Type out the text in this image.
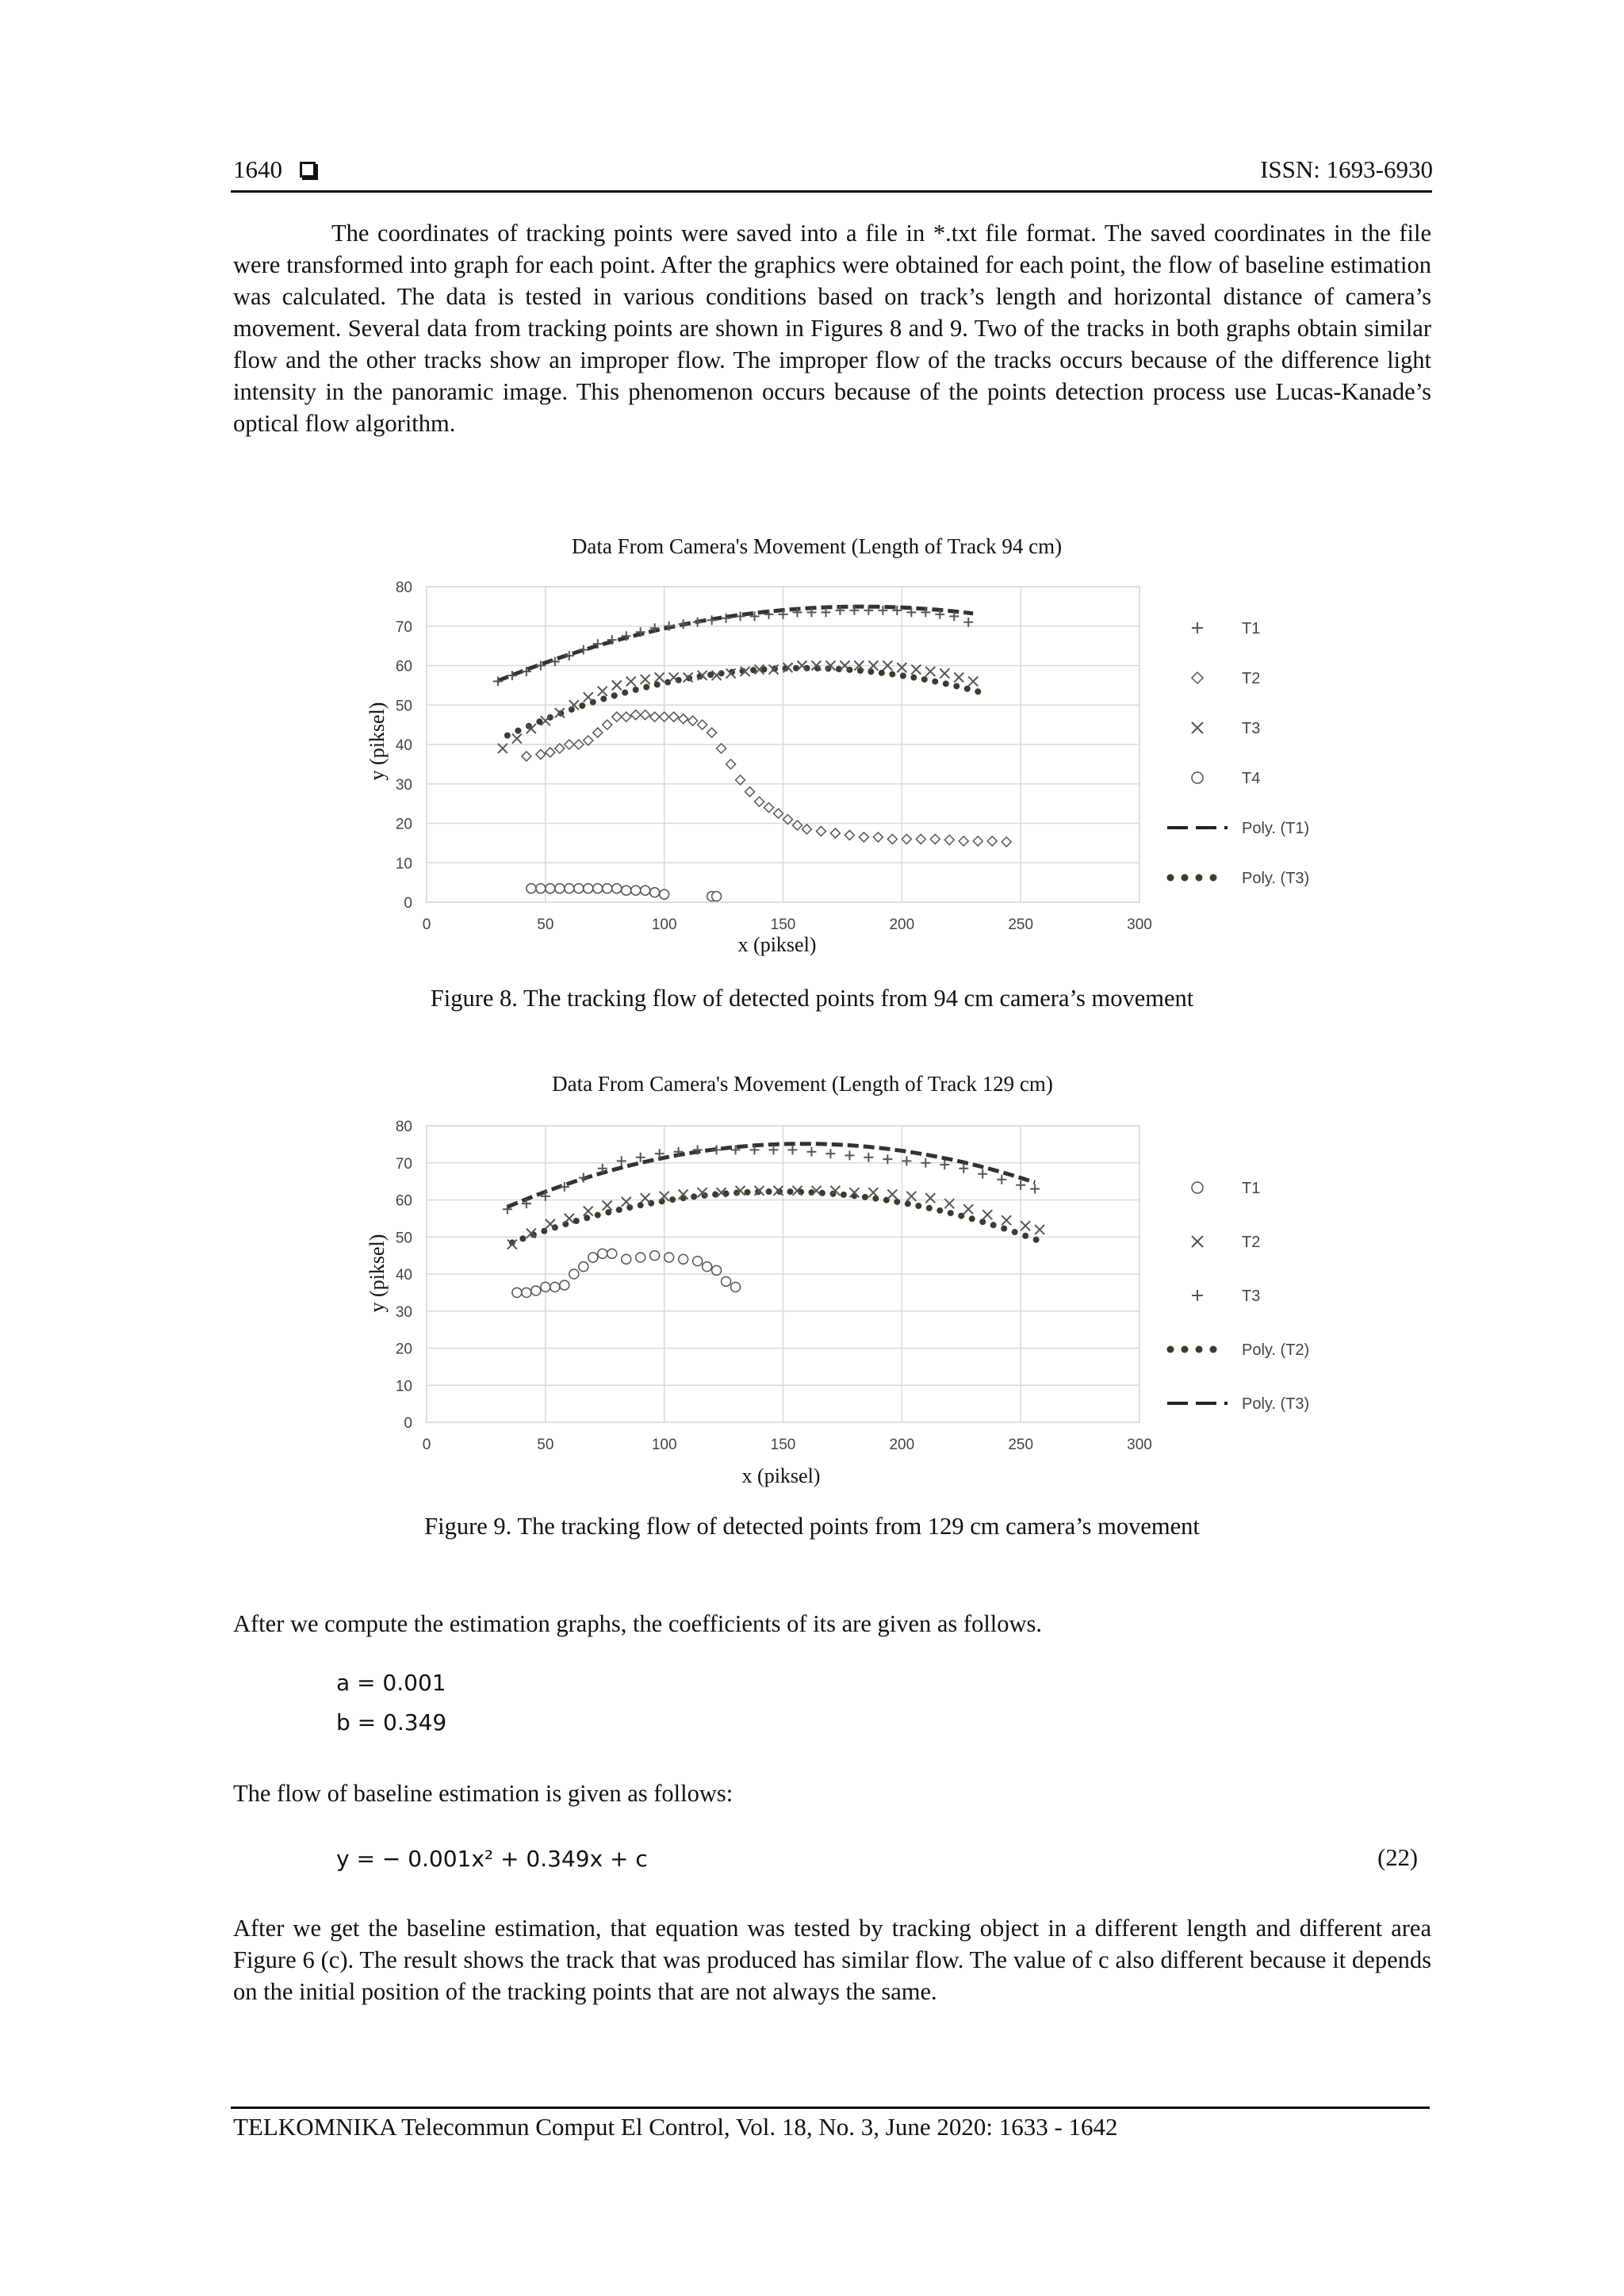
1640	ISSN: 1693-6930

The coordinates of tracking points were saved into a file in *.txt file format. The saved coordinates in the file were transformed into graph for each point. After the graphics were obtained for each point, the flow of baseline estimation was calculated. The data is tested in various conditions based on track’s length and horizontal distance of camera’s movement. Several data from tracking points are shown in Figures 8 and 9. Two of the tracks in both graphs obtain similar flow and the other tracks show an improper flow. The improper flow of the tracks occurs because of the difference light intensity in the panoramic image. This phenomenon occurs because of the points detection process use Lucas-Kanade’s optical flow algorithm.

Data From Camera's Movement (Length of Track 94 cm)
x (piksel)
y (piksel)
0
10
20
30
40
50
60
70
80
0	50	100	150	200	250	300
T1
T2
T3
T4
Poly. (T1)
Poly. (T3)
Figure 8. The tracking flow of detected points from 94 cm camera’s movement
Data From Camera's Movement (Length of Track 129 cm)
x (piksel)
y (piksel)
0
10
20
30
40
50
60
70
80
0	50	100	150	200	250	300
T1
T2
T3
Poly. (T2)
Poly. (T3)
Figure 9. The tracking flow of detected points from 129 cm camera’s movement

After we compute the estimation graphs, the coefficients of its are given as follows.

a = 0.001
b = 0.349

The flow of baseline estimation is given as follows:

y = − 0.001x² + 0.349x + c	(22)

After we get the baseline estimation, that equation was tested by tracking object in a different length and different area Figure 6 (c). The result shows the track that was produced has similar flow. The value of c also different because it depends on the initial position of the tracking points that are not always the same.

TELKOMNIKA Telecommun Comput El Control, Vol. 18, No. 3, June 2020: 1633 - 1642
